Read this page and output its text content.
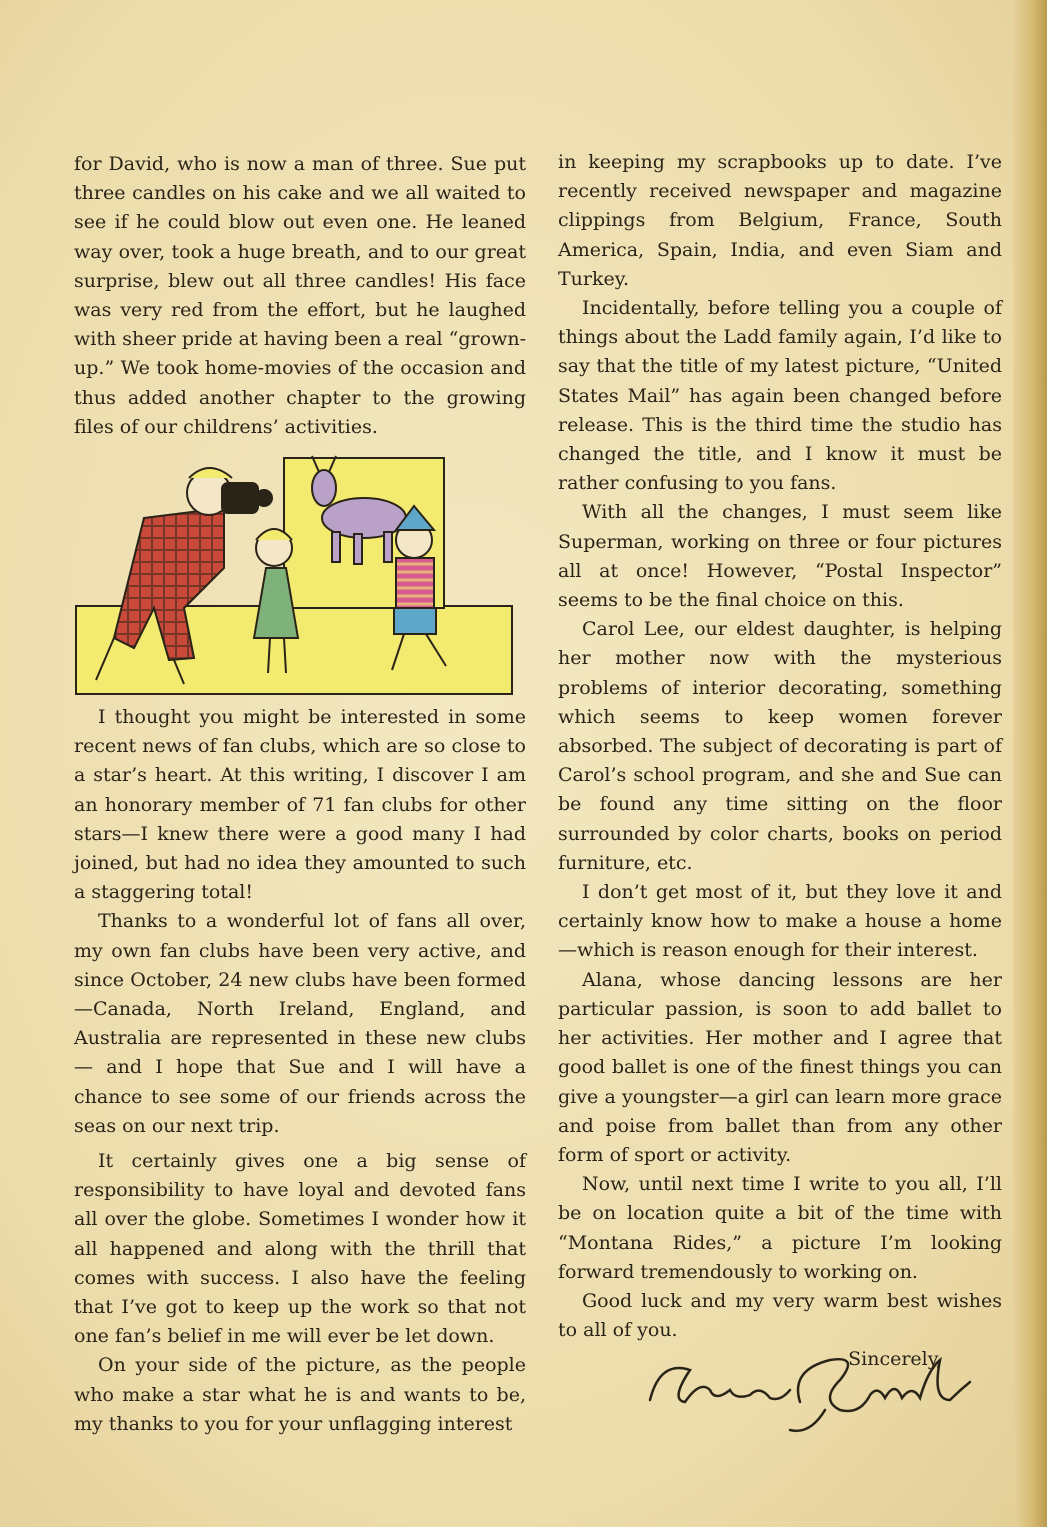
for David, who is now a man of three. Sue put three candles on his cake and we all waited to see if he could blow out even one. He leaned way over, took a huge breath, and to our great surprise, blew out all three candles! His face was very red from the effort, but he laughed with sheer pride at having been a real “grown-up.” We took home-movies of the occasion and thus added another chapter to the growing files of our childrens’ activities.

I thought you might be interested in some recent news of fan clubs, which are so close to a star’s heart. At this writing, I discover I am an honorary member of 71 fan clubs for other stars—I knew there were a good many I had joined, but had no idea they amounted to such a staggering total!

Thanks to a wonderful lot of fans all over, my own fan clubs have been very active, and since October, 24 new clubs have been formed —Canada, North Ireland, England, and Australia are represented in these new clubs— and I hope that Sue and I will have a chance to see some of our friends across the seas on our next trip.

It certainly gives one a big sense of responsibility to have loyal and devoted fans all over the globe. Sometimes I wonder how it all happened and along with the thrill that comes with success. I also have the feeling that I’ve got to keep up the work so that not one fan’s belief in me will ever be let down.

On your side of the picture, as the people who make a star what he is and wants to be, my thanks to you for your unflagging interest

in keeping my scrapbooks up to date. I’ve recently received newspaper and magazine clippings from Belgium, France, South America, Spain, India, and even Siam and Turkey.

Incidentally, before telling you a couple of things about the Ladd family again, I’d like to say that the title of my latest picture, “United States Mail” has again been changed before release. This is the third time the studio has changed the title, and I know it must be rather confusing to you fans.

With all the changes, I must seem like Superman, working on three or four pictures all at once! However, “Postal Inspector” seems to be the final choice on this.

Carol Lee, our eldest daughter, is helping her mother now with the mysterious problems of interior decorating, something which seems to keep women forever absorbed. The subject of decorating is part of Carol’s school program, and she and Sue can be found any time sitting on the floor surrounded by color charts, books on period furniture, etc.

I don’t get most of it, but they love it and certainly know how to make a house a home —which is reason enough for their interest.

Alana, whose dancing lessons are her particular passion, is soon to add ballet to her activities. Her mother and I agree that good ballet is one of the finest things you can give a youngster—a girl can learn more grace and poise from ballet than from any other form of sport or activity.

Now, until next time I write to you all, I’ll be on location quite a bit of the time with “Montana Rides,” a picture I’m looking forward tremendously to working on.

Good luck and my very warm best wishes to all of you.

Sincerely,
